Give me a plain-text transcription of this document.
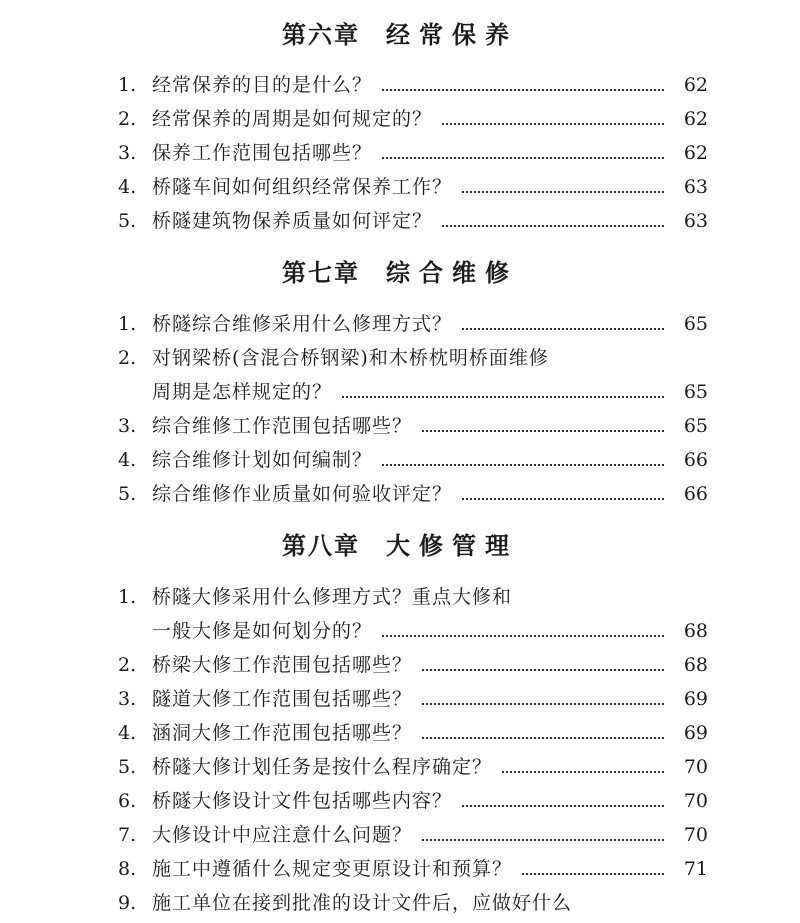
第六章 经常保养
1. 经常保养的目的是什么？	62
2. 经常保养的周期是如何规定的？	62
3. 保养工作范围包括哪些？	62
4. 桥隧车间如何组织经常保养工作？	63
5. 桥隧建筑物保养质量如何评定？	63
第七章 综合维修
1. 桥隧综合维修采用什么修理方式？	65
2. 对钢梁桥(含混合桥钢梁)和木桥枕明桥面维修
周期是怎样规定的？	65
3. 综合维修工作范围包括哪些？	65
4. 综合维修计划如何编制？	66
5. 综合维修作业质量如何验收评定？	66
第八章 大修管理
1. 桥隧大修采用什么修理方式？重点大修和
一般大修是如何划分的？	68
2. 桥梁大修工作范围包括哪些？	68
3. 隧道大修工作范围包括哪些？	69
4. 涵洞大修工作范围包括哪些？	69
5. 桥隧大修计划任务是按什么程序确定？	70
6. 桥隧大修设计文件包括哪些内容？	70
7. 大修设计中应注意什么问题？	70
8. 施工中遵循什么规定变更原设计和预算？	71
9. 施工单位在接到批准的设计文件后，应做好什么
